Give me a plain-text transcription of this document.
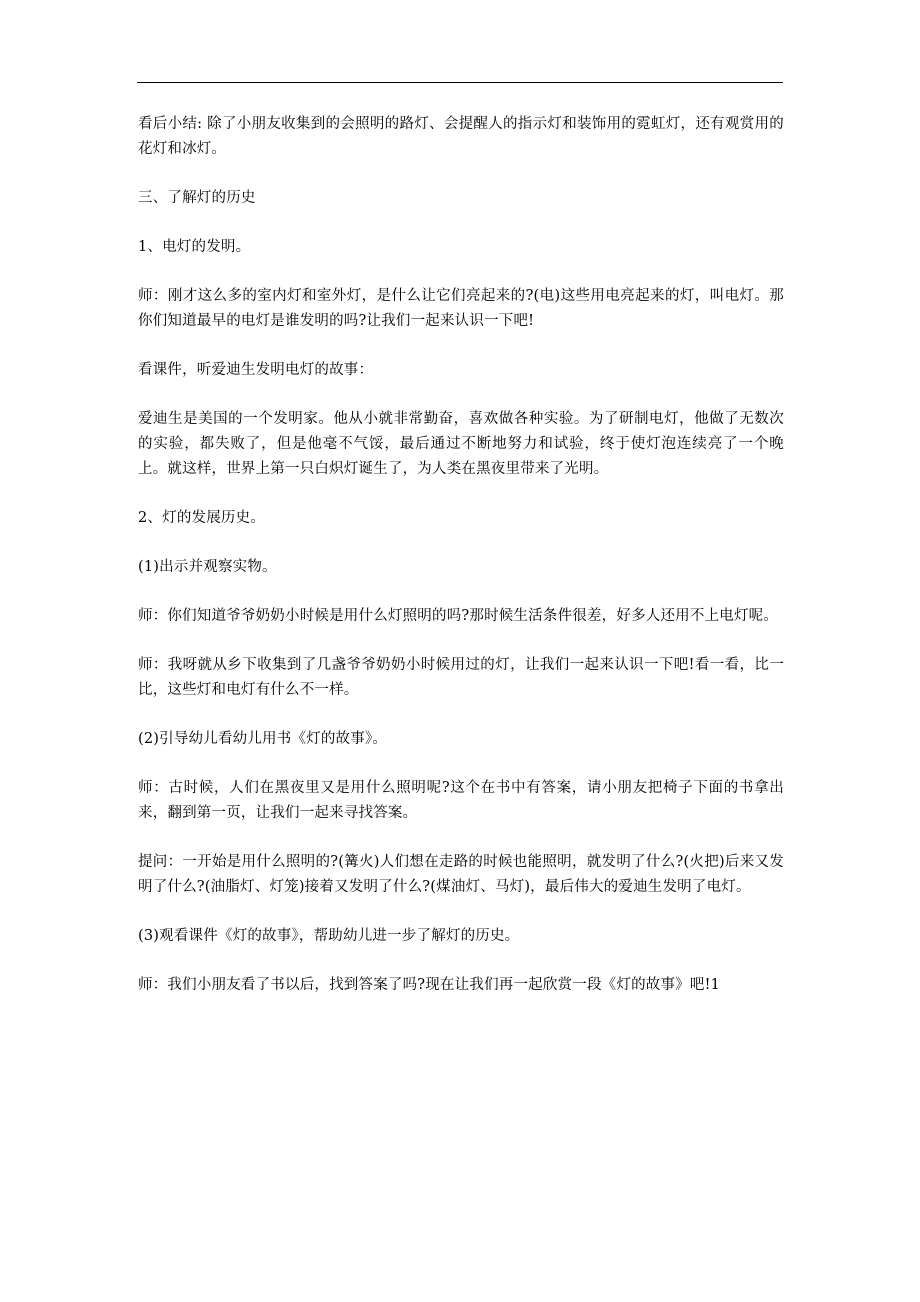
看后小结: 除了小朋友收集到的会照明的路灯、会提醒人的指示灯和装饰用的霓虹灯，还有观赏用的花灯和冰灯。

三、了解灯的历史

1、电灯的发明。

师：刚才这么多的室内灯和室外灯，是什么让它们亮起来的?(电)这些用电亮起来的灯，叫电灯。那你们知道最早的电灯是谁发明的吗?让我们一起来认识一下吧!

看课件，听爱迪生发明电灯的故事：

爱迪生是美国的一个发明家。他从小就非常勤奋，喜欢做各种实验。为了研制电灯，他做了无数次的实验，都失败了，但是他毫不气馁，最后通过不断地努力和试验，终于使灯泡连续亮了一个晚上。就这样，世界上第一只白炽灯诞生了，为人类在黑夜里带来了光明。

2、灯的发展历史。

(1)出示并观察实物。

师：你们知道爷爷奶奶小时候是用什么灯照明的吗?那时候生活条件很差，好多人还用不上电灯呢。

师：我呀就从乡下收集到了几盏爷爷奶奶小时候用过的灯，让我们一起来认识一下吧!看一看，比一比，这些灯和电灯有什么不一样。

(2)引导幼儿看幼儿用书《灯的故事》。

师：古时候，人们在黑夜里又是用什么照明呢?这个在书中有答案，请小朋友把椅子下面的书拿出来，翻到第一页，让我们一起来寻找答案。

提问：一开始是用什么照明的?(篝火)人们想在走路的时候也能照明，就发明了什么?(火把)后来又发明了什么?(油脂灯、灯笼)接着又发明了什么?(煤油灯、马灯)，最后伟大的爱迪生发明了电灯。

(3)观看课件《灯的故事》，帮助幼儿进一步了解灯的历史。

师：我们小朋友看了书以后，找到答案了吗?现在让我们再一起欣赏一段《灯的故事》吧!1
